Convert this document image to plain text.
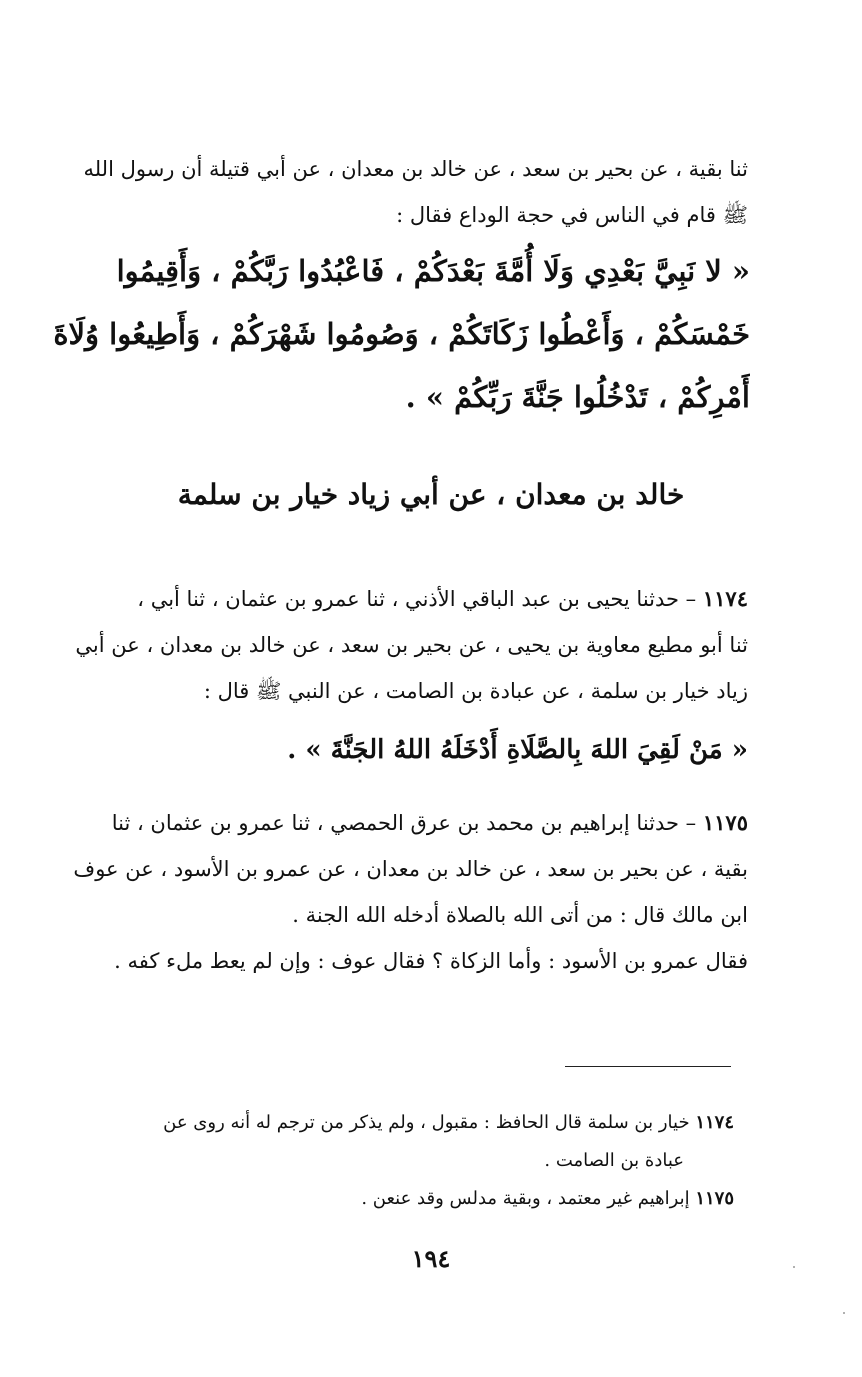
ثنا بقية ، عن بحير بن سعد ، عن خالد بن معدان ، عن أبي قتيلة أن رسول الله
ﷺ قام في الناس في حجة الوداع فقال :
« لا نَبِيَّ بَعْدِي وَلَا أُمَّةَ بَعْدَكُمْ ، فَاعْبُدُوا رَبَّكُمْ ، وَأَقِيمُوا
خَمْسَكُمْ ، وَأَعْطُوا زَكَاتَكُمْ ، وَصُومُوا شَهْرَكُمْ ، وَأَطِيعُوا وُلَاةَ
أَمْرِكُمْ ، تَدْخُلُوا جَنَّةَ رَبِّكُمْ » .
خالد بن معدان ، عن أبي زياد خيار بن سلمة
١١٧٤ – حدثنا يحيى بن عبد الباقي الأذني ، ثنا عمرو بن عثمان ، ثنا أبي ،
ثنا أبو مطيع معاوية بن يحيى ، عن بحير بن سعد ، عن خالد بن معدان ، عن أبي
زياد خيار بن سلمة ، عن عبادة بن الصامت ، عن النبي ﷺ قال :
« مَنْ لَقِيَ اللهَ بِالصَّلَاةِ أَدْخَلَهُ اللهُ الجَنَّةَ » .
١١٧٥ – حدثنا إبراهيم بن محمد بن عرق الحمصي ، ثنا عمرو بن عثمان ، ثنا
بقية ، عن بحير بن سعد ، عن خالد بن معدان ، عن عمرو بن الأسود ، عن عوف
ابن مالك قال : من أتى الله بالصلاة أدخله الله الجنة .
فقال عمرو بن الأسود : وأما الزكاة ؟ فقال عوف : وإن لم يعط ملء كفه .
١١٧٤ خيار بن سلمة قال الحافظ : مقبول ، ولم يذكر من ترجم له أنه روى عن
عبادة بن الصامت .
١١٧٥ إبراهيم غير معتمد ، وبقية مدلس وقد عنعن .
١٩٤
